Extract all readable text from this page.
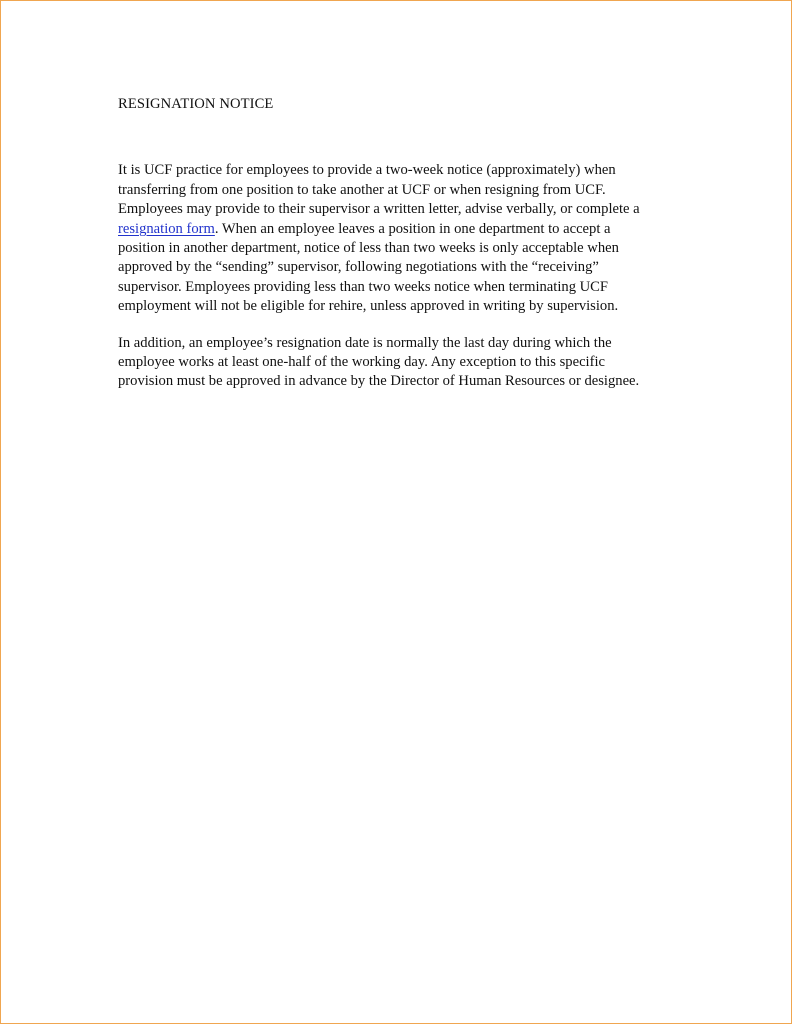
RESIGNATION NOTICE

It is UCF practice for employees to provide a two-week notice (approximately) when
transferring from one position to take another at UCF or when resigning from UCF.
Employees may provide to their supervisor a written letter, advise verbally, or complete a
resignation form. When an employee leaves a position in one department to accept a
position in another department, notice of less than two weeks is only acceptable when
approved by the “sending” supervisor, following negotiations with the “receiving”
supervisor. Employees providing less than two weeks notice when terminating UCF
employment will not be eligible for rehire, unless approved in writing by supervision.

In addition, an employee’s resignation date is normally the last day during which the
employee works at least one-half of the working day. Any exception to this specific
provision must be approved in advance by the Director of Human Resources or designee.
